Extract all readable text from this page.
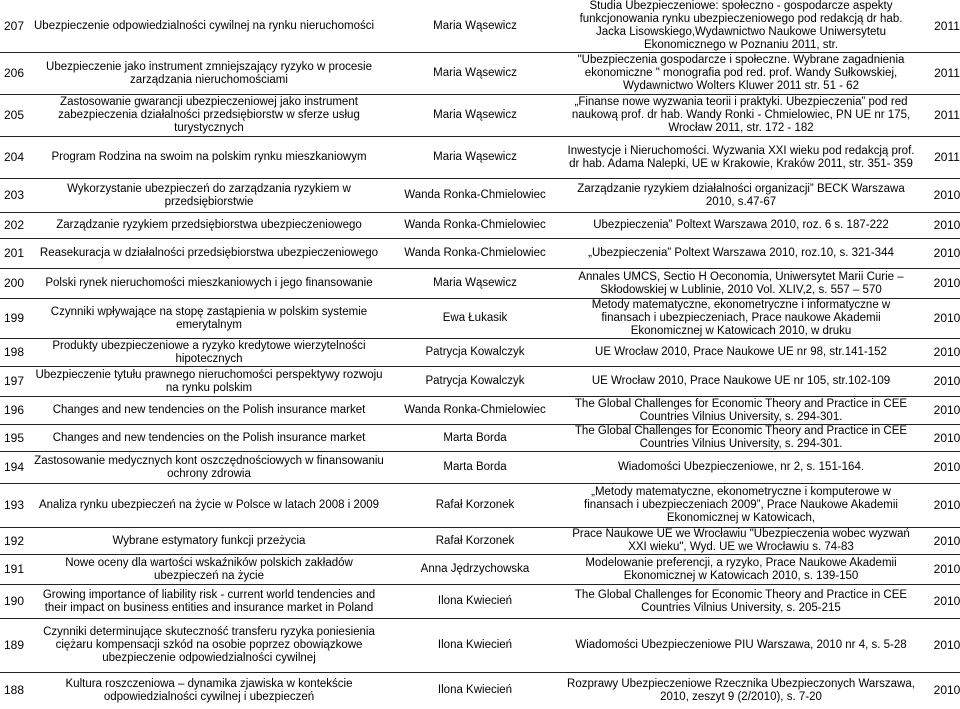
207	Ubezpieczenie odpowiedzialności cywilnej na rynku nieruchomości	Maria Wąsewicz	Studia Ubezpieczeniowe: społeczno - gospodarcze aspekty funkcjonowania rynku ubezpieczeniowego pod redakcją dr hab. Jacka Lisowskiego,Wydawnictwo Naukowe Uniwersytetu Ekonomicznego w Poznaniu 2011, str.	2011
206	Ubezpieczenie jako instrument zmniejszający ryzyko w procesie zarządzania nieruchomościami	Maria Wąsewicz	"Ubezpieczenia gospodarcze i społeczne. Wybrane zagadnienia ekonomiczne " monografia pod red. prof. Wandy Sułkowskiej, Wydawnictwo Wolters Kluwer 2011 str. 51 - 62	2011
205	Zastosowanie gwarancji ubezpieczeniowej jako instrument zabezpieczenia działalności przedsiębiorstw w sferze usług turystycznych	Maria Wąsewicz	„Finanse nowe wyzwania teorii i praktyki. Ubezpieczenia” pod red naukową prof. dr hab. Wandy Ronki - Chmielowiec, PN UE nr 175, Wrocław 2011, str. 172 - 182	2011
204	Program Rodzina na swoim na polskim rynku mieszkaniowym	Maria Wąsewicz	Inwestycje i Nieruchomości. Wyzwania XXI wieku pod redakcją prof. dr hab. Adama Nalepki, UE w Krakowie, Kraków 2011, str. 351- 359	2011
203	Wykorzystanie ubezpieczeń do zarządzania ryzykiem w przedsiębiorstwie	Wanda Ronka-Chmielowiec	Zarządzanie ryzykiem działalności organizacji” BECK Warszawa 2010, s.47-67	2010
202	Zarządzanie ryzykiem przedsiębiorstwa ubezpieczeniowego	Wanda Ronka-Chmielowiec	Ubezpieczenia” Poltext Warszawa 2010, roz. 6 s. 187-222	2010
201	Reasekuracja w działalności przedsiębiorstwa ubezpieczeniowego	Wanda Ronka-Chmielowiec	„Ubezpieczenia” Poltext Warszawa 2010, roz.10, s. 321-344	2010
200	Polski rynek nieruchomości mieszkaniowych i jego finansowanie	Maria Wąsewicz	Annales UMCS, Sectio H Oeconomia, Uniwersytet Marii Curie – Skłodowskiej w Lublinie, 2010 Vol. XLIV,2, s. 557 – 570	2010
199	Czynniki wpływające na stopę zastąpienia w polskim systemie emerytalnym	Ewa Łukasik	Metody matematyczne, ekonometryczne i informatyczne w finansach i ubezpieczeniach, Prace naukowe Akademii Ekonomicznej w Katowicach 2010, w druku	2010
198	Produkty ubezpieczeniowe a ryzyko kredytowe wierzytelności hipotecznych	Patrycja Kowalczyk	UE Wrocław 2010, Prace Naukowe UE nr 98, str.141-152	2010
197	Ubezpieczenie tytułu prawnego nieruchomości perspektywy rozwoju na rynku polskim	Patrycja Kowalczyk	UE Wrocław 2010, Prace Naukowe UE nr 105, str.102-109	2010
196	Changes and new tendencies on the Polish insurance market	Wanda Ronka-Chmielowiec	The Global Challenges for Economic Theory and Practice in CEE Countries Vilnius University, s. 294-301.	2010
195	Changes and new tendencies on the Polish insurance market	Marta Borda	The Global Challenges for Economic Theory and Practice in CEE Countries Vilnius University, s. 294-301.	2010
194	Zastosowanie medycznych kont oszczędnościowych w finansowaniu ochrony zdrowia	Marta Borda	Wiadomości Ubezpieczeniowe, nr 2, s. 151-164.	2010
193	Analiza rynku ubezpieczeń na życie w Polsce w latach 2008 i 2009	Rafał Korzonek	„Metody matematyczne, ekonometryczne i komputerowe w finansach i ubezpieczeniach 2009”, Prace Naukowe Akademii Ekonomicznej w Katowicach,	2010
192	Wybrane estymatory funkcji przeżycia	Rafał Korzonek	Prace Naukowe UE we Wrocławiu "Ubezpieczenia wobec wyzwań XXI wieku", Wyd. UE we Wrocławiu s. 74-83	2010
191	Nowe oceny dla wartości wskaźników polskich zakładów ubezpieczeń na życie	Anna Jędrzychowska	Modelowanie preferencji, a ryzyko, Prace Naukowe Akademii Ekonomicznej w Katowicach 2010, s. 139-150	2010
190	Growing importance of liability risk - current world tendencies and their impact on business entities and insurance market in Poland	Ilona Kwiecień	The Global Challenges for Economic Theory and Practice in CEE Countries Vilnius University, s. 205-215	2010
189	Czynniki determinujące skuteczność transferu ryzyka poniesienia ciężaru kompensacji szkód na osobie poprzez obowiązkowe ubezpieczenie odpowiedzialności cywilnej	Ilona Kwiecień	Wiadomości Ubezpieczeniowe PIU Warszawa, 2010 nr 4, s. 5-28	2010
188	Kultura roszczeniowa – dynamika zjawiska w kontekście odpowiedzialności cywilnej i ubezpieczeń	Ilona Kwiecień	Rozprawy Ubezpieczeniowe Rzecznika Ubezpieczonych Warszawa, 2010, zeszyt 9 (2/2010), s. 7-20	2010
